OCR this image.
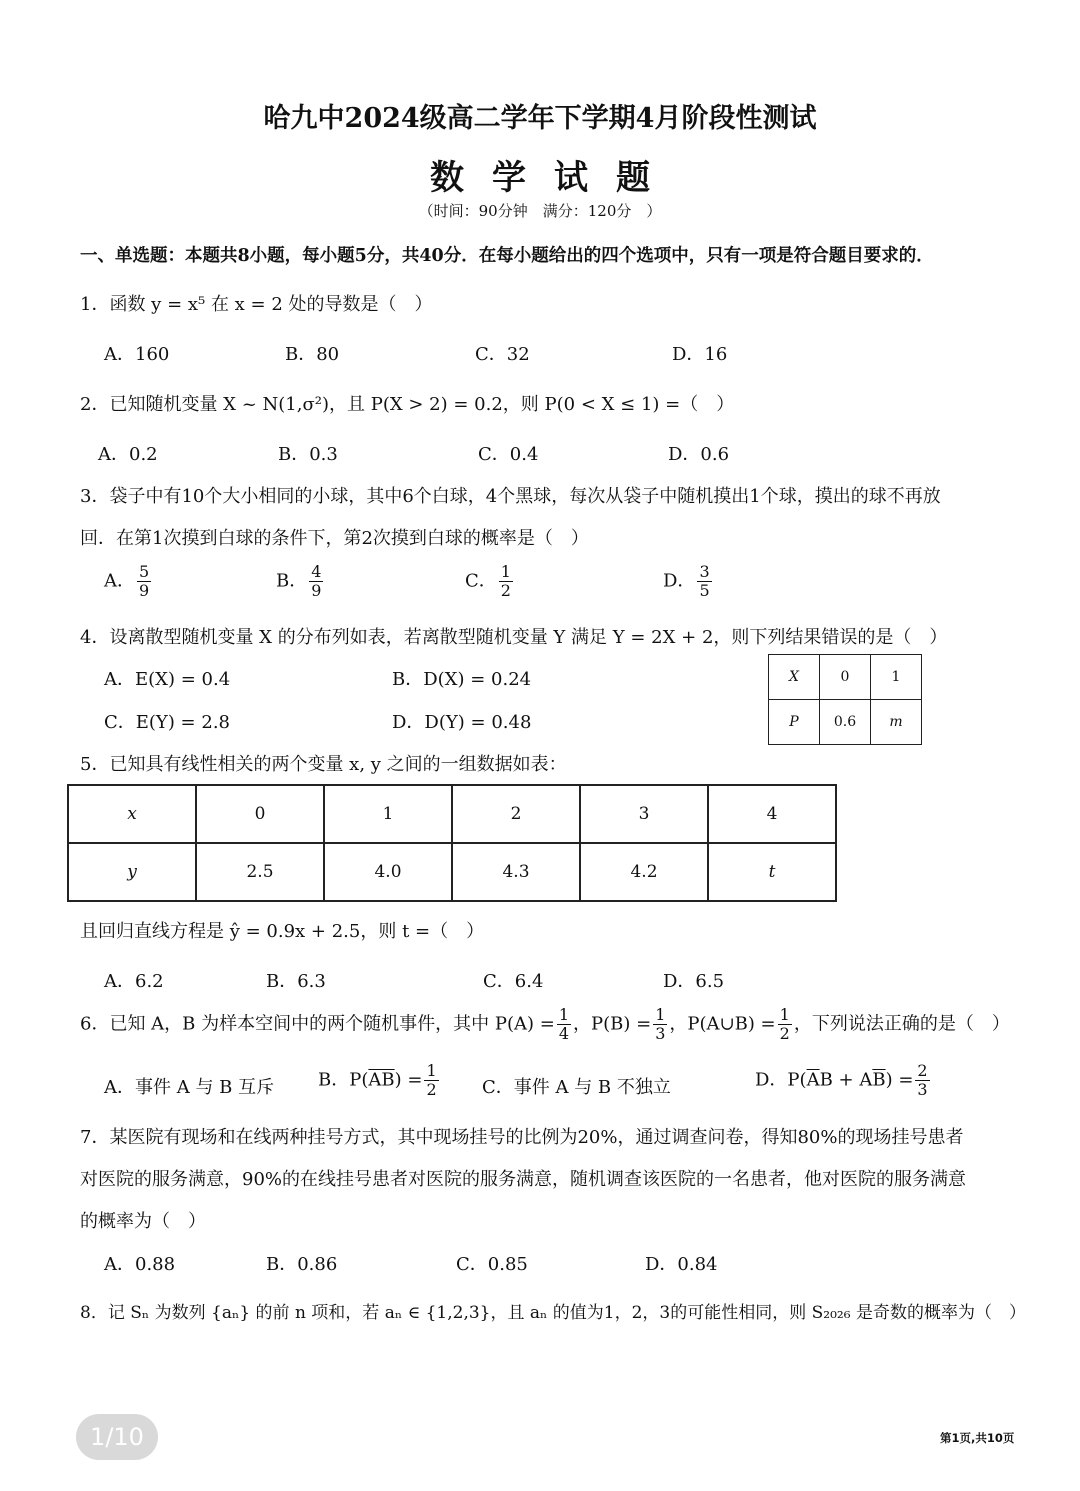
哈九中2024级高二学年下学期4月阶段性测试
数学试题
（时间：90分钟　满分：120分　）
一、单选题：本题共8小题，每小题5分，共40分．在每小题给出的四个选项中，只有一项是符合题目要求的．
1．函数 y = x⁵ 在 x = 2 处的导数是（　）
A．160	B．80	C．32	D．16
2．已知随机变量 X ~ N(1,σ²)，且 P(X > 2) = 0.2，则 P(0 < X ≤ 1) =（　）
A．0.2	B．0.3	C．0.4	D．0.6
3．袋子中有10个大小相同的小球，其中6个白球，4个黑球，每次从袋子中随机摸出1个球，摸出的球不再放
回．在第1次摸到白球的条件下，第2次摸到白球的概率是（　）
A． $\frac{5}{9}$	B． $\frac{4}{9}$	C． $\frac{1}{2}$	D． $\frac{3}{5}$
4．设离散型随机变量 X 的分布列如表，若离散型随机变量 Y 满足 Y = 2X + 2，则下列结果错误的是（　）
A．E(X) = 0.4	B．D(X) = 0.24
C．E(Y) = 2.8	D．D(Y) = 0.48
X	0	1
P	0.6	m
5．已知具有线性相关的两个变量 x, y 之间的一组数据如表：
x	0	1	2	3	4
y	2.5	4.0	4.3	4.2	t
且回归直线方程是 ŷ = 0.9x + 2.5，则 t =（　）
A．6.2	B．6.3	C．6.4	D．6.5
6．已知 A，B 为样本空间中的两个随机事件，其中 $P(A) = \frac{1}{4}$ ，$P(B) = \frac{1}{3}$ ，P(A∪B) = $\frac{1}{2}$ ，下列说法正确的是（　）
A．事件 A 与 B 互斥 B．$P(\overline{AB}) = \frac{1}{2}$ C．事件 A 与 B 不独立	D．$P(\overline{A}B + A\overline{B}) = \frac{2}{3}$
7．某医院有现场和在线两种挂号方式，其中现场挂号的比例为20%，通过调查问卷，得知80%的现场挂号患者
对医院的服务满意，90%的在线挂号患者对医院的服务满意，随机调查该医院的一名患者，他对医院的服务满意
的概率为（　）
A．0.88	B．0.86	C．0.85	D．0.84
8．记 Sₙ 为数列 {aₙ} 的前 n 项和，若 aₙ ∈ {1,2,3}，且 aₙ 的值为1，2，3的可能性相同，则 S₂₀₂₆ 是奇数的概率为（　）
1/10	第1页,共10页
